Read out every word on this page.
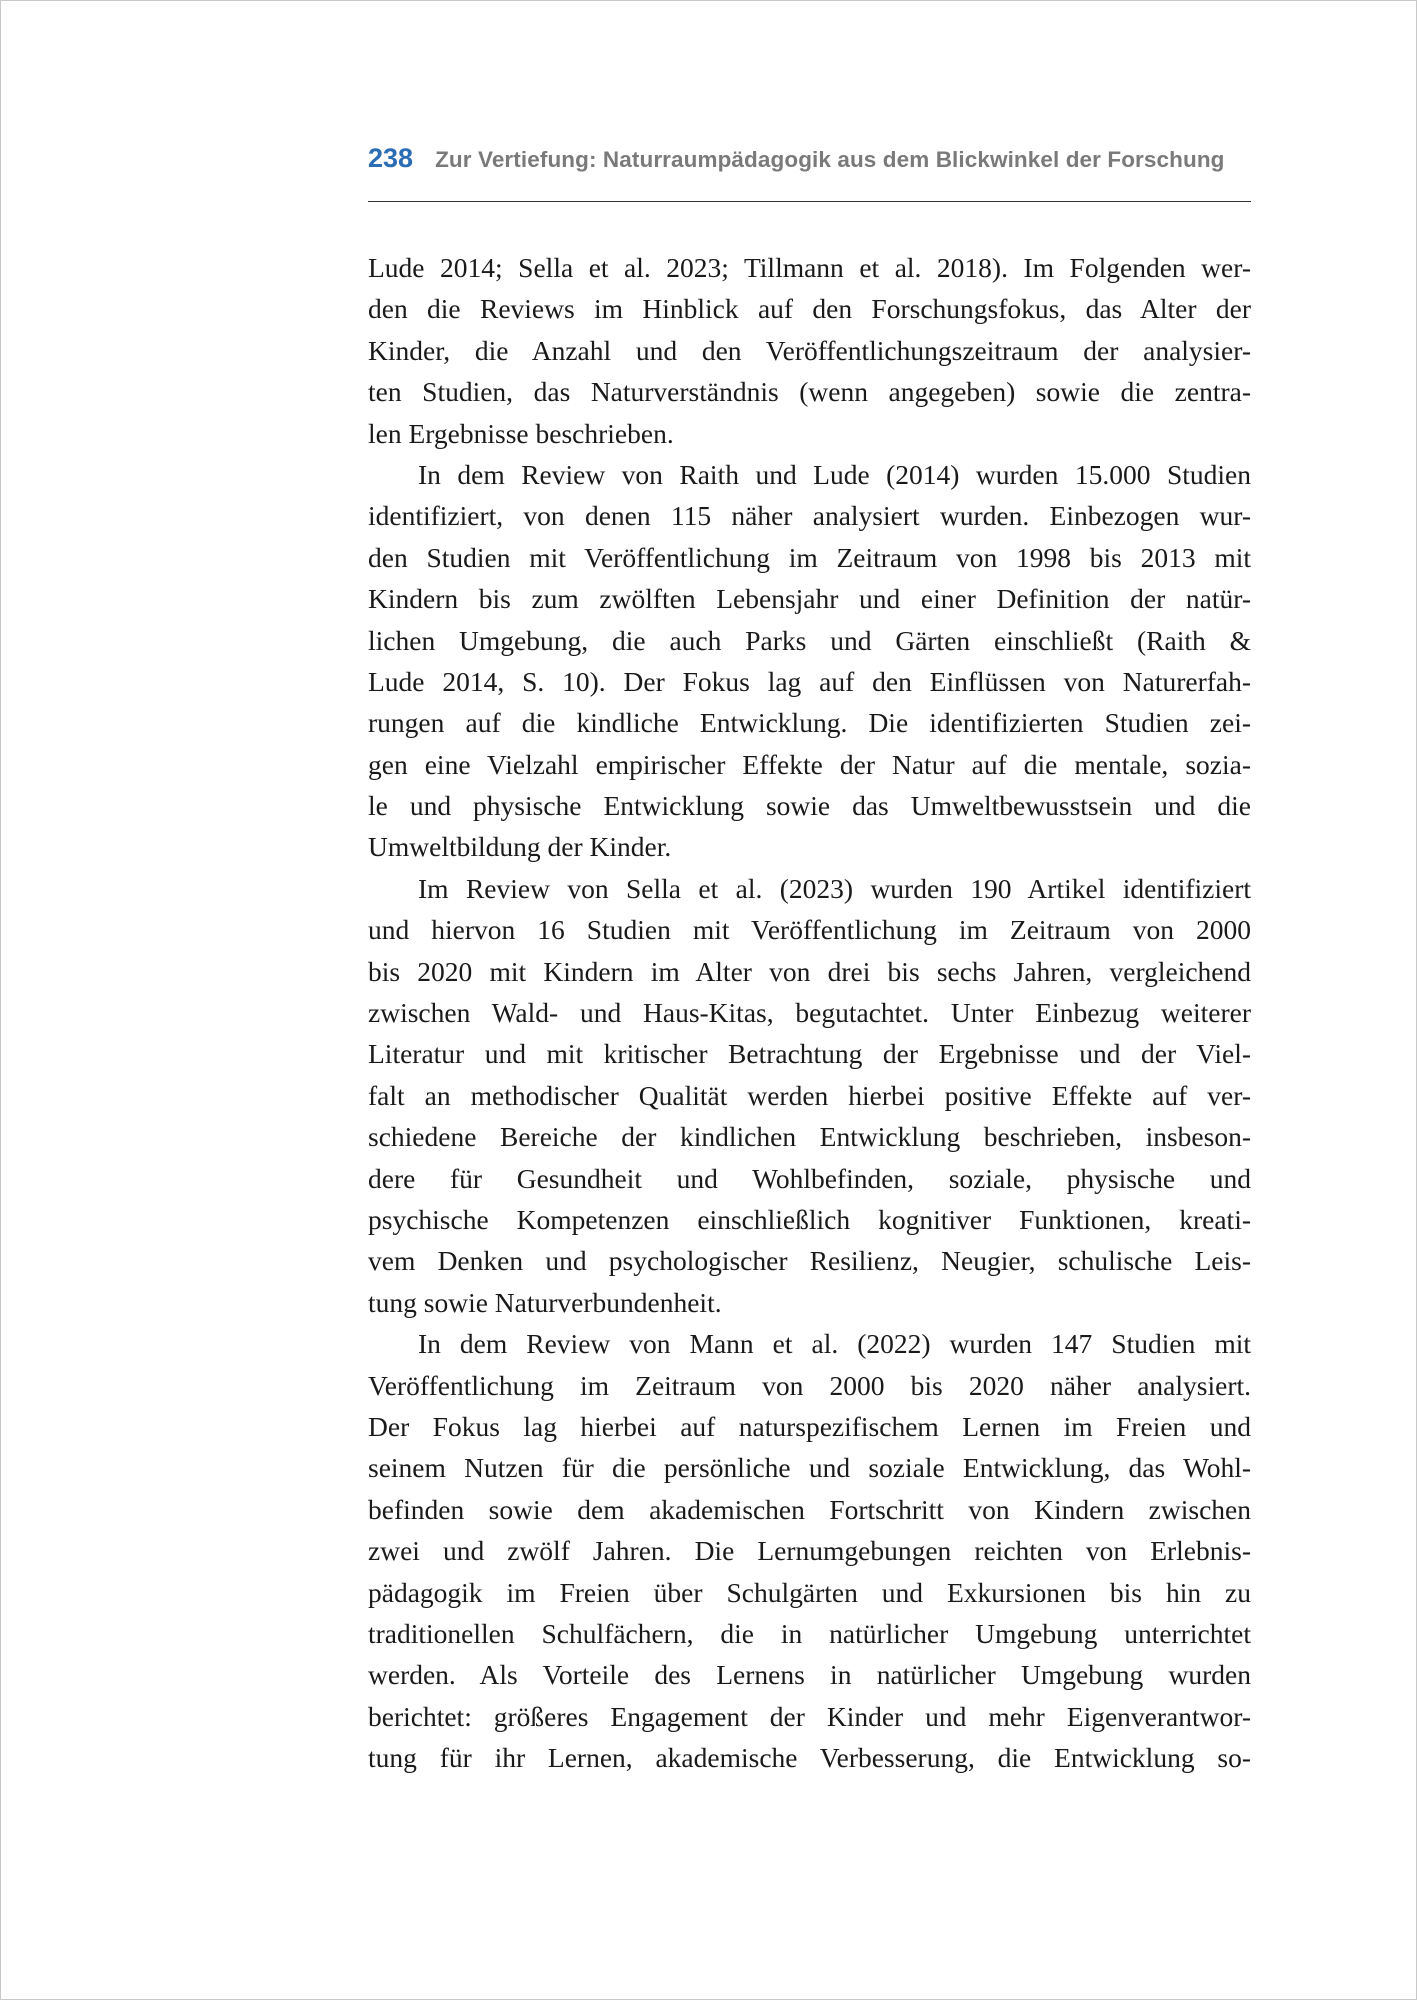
238 Zur Vertiefung: Naturraumpädagogik aus dem Blickwinkel der Forschung
Lude 2014; Sella et al. 2023; Tillmann et al. 2018). Im Folgenden wer-
den die Reviews im Hinblick auf den Forschungsfokus, das Alter der
Kinder, die Anzahl und den Veröffentlichungszeitraum der analysier-
ten Studien, das Naturverständnis (wenn angegeben) sowie die zentra-
len Ergebnisse beschrieben.
In dem Review von Raith und Lude (2014) wurden 15.000 Studien
identifiziert, von denen 115 näher analysiert wurden. Einbezogen wur-
den Studien mit Veröffentlichung im Zeitraum von 1998 bis 2013 mit
Kindern bis zum zwölften Lebensjahr und einer Definition der natür-
lichen Umgebung, die auch Parks und Gärten einschließt (Raith &
Lude 2014, S. 10). Der Fokus lag auf den Einflüssen von Naturerfah-
rungen auf die kindliche Entwicklung. Die identifizierten Studien zei-
gen eine Vielzahl empirischer Effekte der Natur auf die mentale, sozia-
le und physische Entwicklung sowie das Umweltbewusstsein und die
Umweltbildung der Kinder.
Im Review von Sella et al. (2023) wurden 190 Artikel identifiziert
und hiervon 16 Studien mit Veröffentlichung im Zeitraum von 2000
bis 2020 mit Kindern im Alter von drei bis sechs Jahren, vergleichend
zwischen Wald- und Haus-Kitas, begutachtet. Unter Einbezug weiterer
Literatur und mit kritischer Betrachtung der Ergebnisse und der Viel-
falt an methodischer Qualität werden hierbei positive Effekte auf ver-
schiedene Bereiche der kindlichen Entwicklung beschrieben, insbeson-
dere für Gesundheit und Wohlbefinden, soziale, physische und
psychische Kompetenzen einschließlich kognitiver Funktionen, kreati-
vem Denken und psychologischer Resilienz, Neugier, schulische Leis-
tung sowie Naturverbundenheit.
In dem Review von Mann et al. (2022) wurden 147 Studien mit
Veröffentlichung im Zeitraum von 2000 bis 2020 näher analysiert.
Der Fokus lag hierbei auf naturspezifischem Lernen im Freien und
seinem Nutzen für die persönliche und soziale Entwicklung, das Wohl-
befinden sowie dem akademischen Fortschritt von Kindern zwischen
zwei und zwölf Jahren. Die Lernumgebungen reichten von Erlebnis-
pädagogik im Freien über Schulgärten und Exkursionen bis hin zu
traditionellen Schulfächern, die in natürlicher Umgebung unterrichtet
werden. Als Vorteile des Lernens in natürlicher Umgebung wurden
berichtet: größeres Engagement der Kinder und mehr Eigenverantwor-
tung für ihr Lernen, akademische Verbesserung, die Entwicklung so-
